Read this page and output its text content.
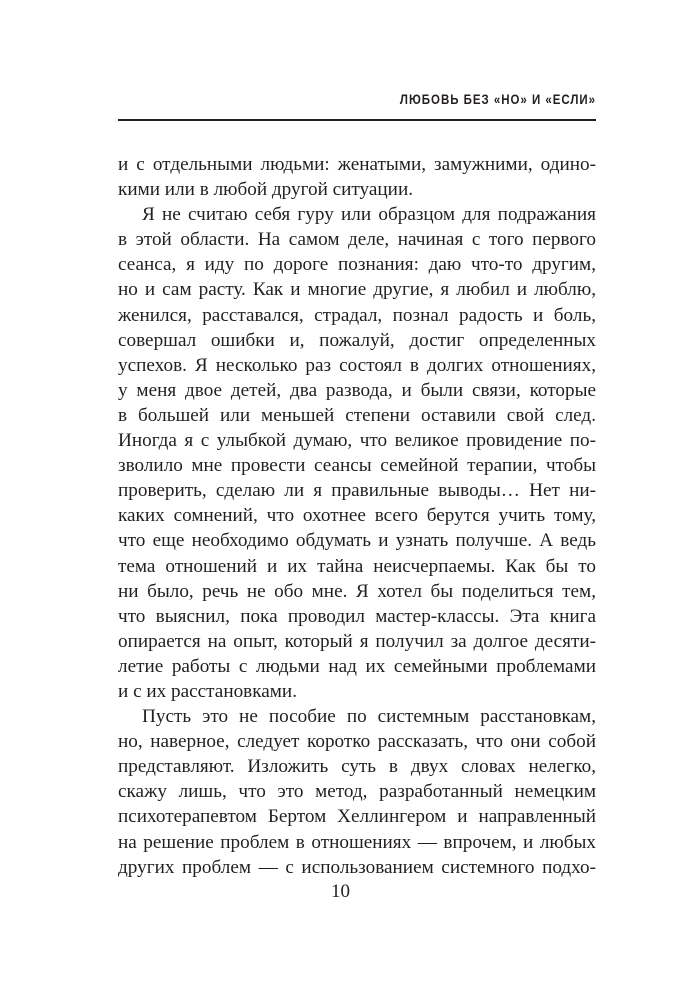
ЛЮБОВЬ БЕЗ «НО» И «ЕСЛИ»
и с отдельными людьми: женатыми, замужними, одино-
кими или в любой другой ситуации.
Я не считаю себя гуру или образцом для подражания
в этой области. На самом деле, начиная с того первого
сеанса, я иду по дороге познания: даю что-то другим,
но и сам расту. Как и многие другие, я любил и люблю,
женился, расставался, страдал, познал радость и боль,
совершал ошибки и, пожалуй, достиг определенных
успехов. Я несколько раз состоял в долгих отношениях,
у меня двое детей, два развода, и были связи, которые
в большей или меньшей степени оставили свой след.
Иногда я с улыбкой думаю, что великое провидение по-
зволило мне провести сеансы семейной терапии, чтобы
проверить, сделаю ли я правильные выводы… Нет ни-
каких сомнений, что охотнее всего берутся учить тому,
что еще необходимо обдумать и узнать получше. А ведь
тема отношений и их тайна неисчерпаемы. Как бы то
ни было, речь не обо мне. Я хотел бы поделиться тем,
что выяснил, пока проводил мастер-классы. Эта книга
опирается на опыт, который я получил за долгое десяти-
летие работы с людьми над их семейными проблемами
и с их расстановками.
Пусть это не пособие по системным расстановкам,
но, наверное, следует коротко рассказать, что они собой
представляют. Изложить суть в двух словах нелегко,
скажу лишь, что это метод, разработанный немецким
психотерапевтом Бертом Хеллингером и направленный
на решение проблем в отношениях — впрочем, и любых
других проблем — с использованием системного подхо-
10
